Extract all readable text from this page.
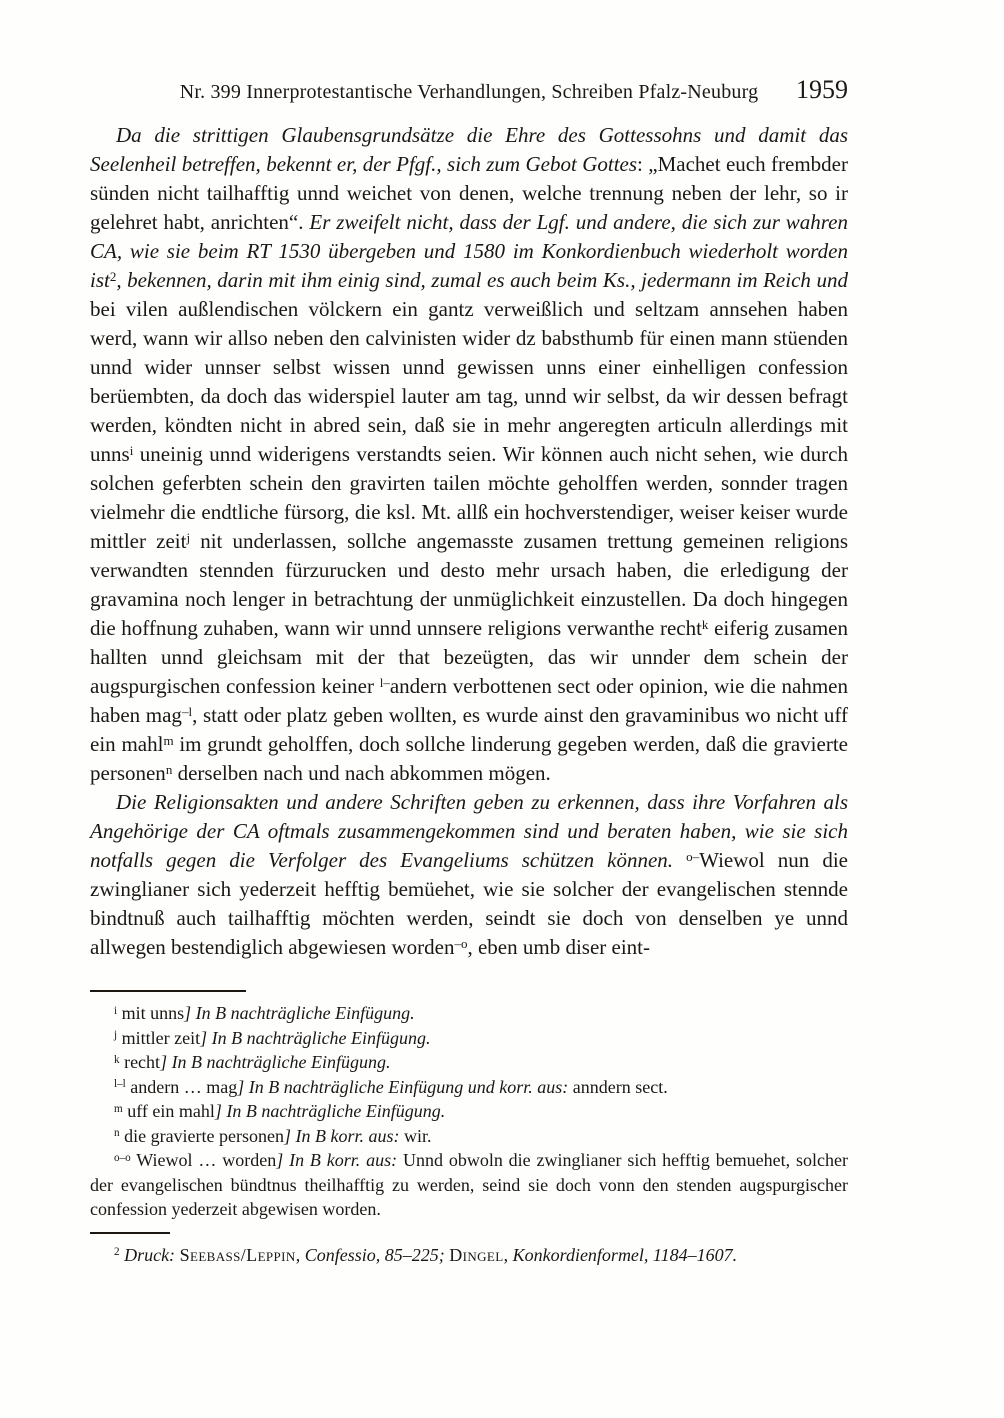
Nr. 399 Innerprotestantische Verhandlungen, Schreiben Pfalz-Neuburg	1959

Da die strittigen Glaubensgrundsätze die Ehre des Gottessohns und damit das Seelenheil betreffen, bekennt er, der Pfgf., sich zum Gebot Gottes: „Machet euch frembder sünden nicht tailhafftig unnd weichet von denen, welche trennung neben der lehr, so ir gelehret habt, anrichten“. Er zweifelt nicht, dass der Lgf. und andere, die sich zur wahren CA, wie sie beim RT 1530 übergeben und 1580 im Konkordienbuch wiederholt worden ist$^2$, bekennen, darin mit ihm einig sind, zumal es auch beim Ks., jedermann im Reich und bei vilen außlendischen völckern ein gantz verweißlich und seltzam annsehen haben werd, wann wir allso neben den calvinisten wider dz babsthumb für einen mann stüenden unnd wider unnser selbst wissen unnd gewissen unns einer einhelligen confession berüembten, da doch das widerspiel lauter am tag, unnd wir selbst, da wir dessen befragt werden, köndten nicht in abred sein, daß sie in mehr angeregten articuln allerdings mit unns$^i$ uneinig unnd widerigens verstandts seien. Wir können auch nicht sehen, wie durch solchen geferbten schein den gravirten tailen möchte geholffen werden, sonnder tragen vielmehr die endtliche fürsorg, die ksl. Mt. allß ein hochverstendiger, weiser keiser wurde mittler zeit$^j$ nit underlassen, sollche angemasste zusamen trettung gemeinen religions verwandten stennden fürzurucken und desto mehr ursach haben, die erledigung der gravamina noch lenger in betrachtung der unmüglichkeit einzustellen. Da doch hingegen die hoffnung zuhaben, wann wir unnd unnsere religions verwanthe recht$^k$ eiferig zusamen hallten unnd gleichsam mit der that bezeügten, das wir unnder dem schein der augspurgischen confession keiner $^{l-}$andern verbottenen sect oder opinion, wie die nahmen haben mag$^{-l}$, statt oder platz geben wollten, es wurde ainst den gravaminibus wo nicht uff ein mahl$^m$ im grundt geholffen, doch sollche linderung gegeben werden, daß die gravierte personen$^n$ derselben nach und nach abkommen mögen.

Die Religionsakten und andere Schriften geben zu erkennen, dass ihre Vorfahren als Angehörige der CA oftmals zusammengekommen sind und beraten haben, wie sie sich notfalls gegen die Verfolger des Evangeliums schützen können. $^{o-}$Wiewol nun die zwinglianer sich yederzeit hefftig bemüehet, wie sie solcher der evangelischen stennde bindtnuß auch tailhafftig möchten werden, seindt sie doch von denselben ye unnd allwegen bestendiglich abgewiesen worden$^{-o}$, eben umb diser eint-

$^i$ mit unns] In B nachträgliche Einfügung.

$^j$ mittler zeit] In B nachträgliche Einfügung.

$^k$ recht] In B nachträgliche Einfügung.

$^{l-l}$ andern … mag] In B nachträgliche Einfügung und korr. aus: anndern sect.

$^m$ uff ein mahl] In B nachträgliche Einfügung.

$^n$ die gravierte personen] In B korr. aus: wir.

$^{o-o}$ Wiewol … worden] In B korr. aus: Unnd obwoln die zwinglianer sich hefftig bemuehet, solcher der evangelischen bündtnus theilhafftig zu werden, seind sie doch vonn den stenden augspurgischer confession yederzeit abgewisen worden.

$^2$ Druck: Seebass/Leppin, Confessio, 85–225; Dingel, Konkordienformel, 1184–1607.
